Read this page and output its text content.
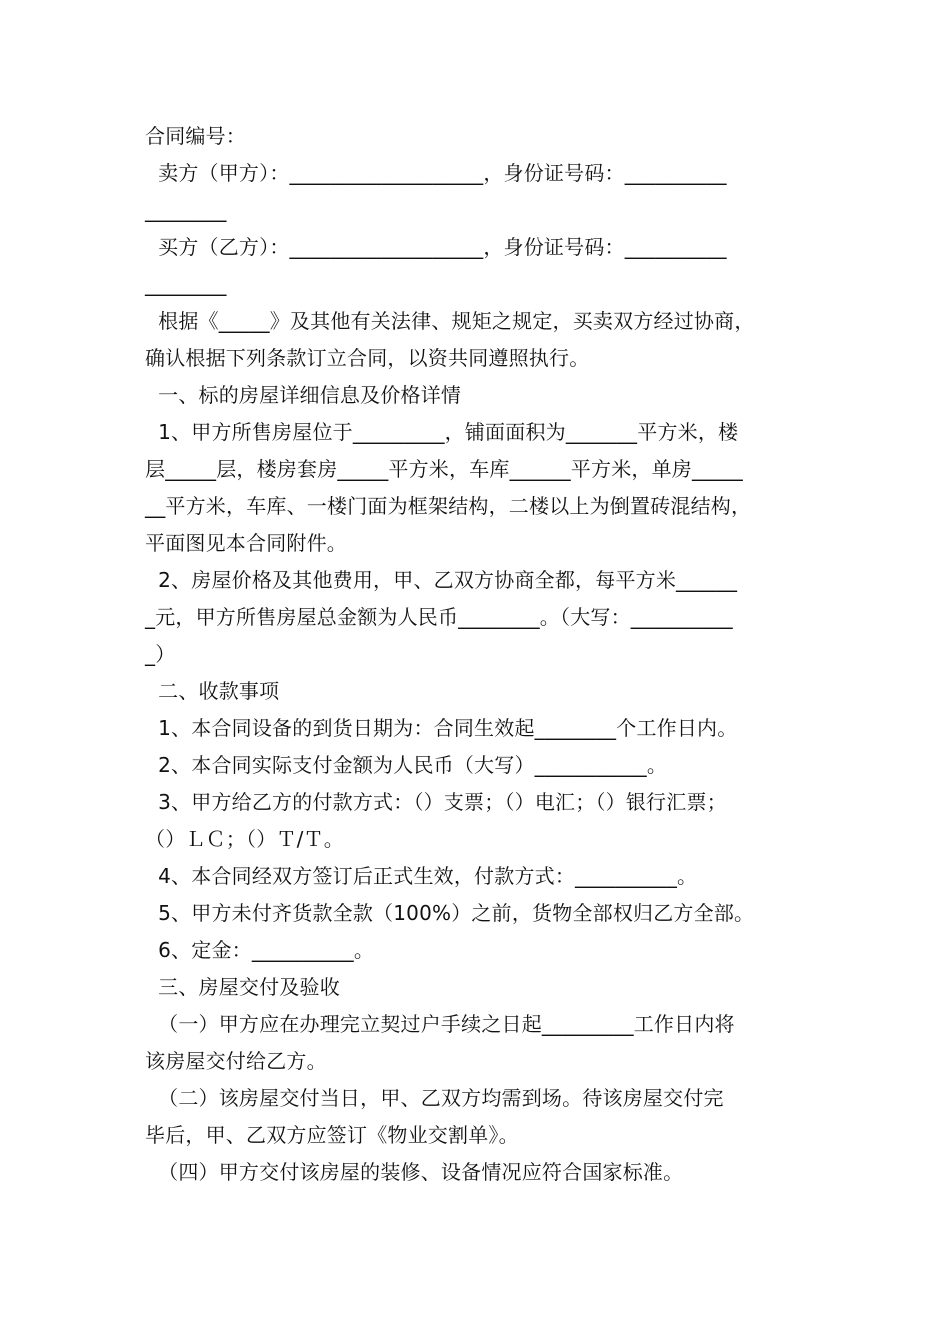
合同编号：
卖方（甲方）：___________________，身份证号码：__________
________
买方（乙方）：___________________，身份证号码：__________
________
根据《_____》及其他有关法律、规矩之规定，买卖双方经过协商，
确认根据下列条款订立合同，以资共同遵照执行。
一、标的房屋详细信息及价格详情
1、甲方所售房屋位于_________，铺面面积为_______平方米，楼
层_____层，楼房套房_____平方米，车库______平方米，单房_____
__平方米，车库、一楼门面为框架结构，二楼以上为倒置砖混结构，
平面图见本合同附件。
2、房屋价格及其他费用，甲、乙双方协商全都，每平方米______
_元，甲方所售房屋总金额为人民币________。（大写：__________
_）
二、收款事项
1、本合同设备的到货日期为：合同生效起________个工作日内。
2、本合同实际支付金额为人民币（大写）___________。
3、甲方给乙方的付款方式：（）支票；（）电汇；（）银行汇票；
（）ＬＣ；（）Ｔ/Ｔ。
4、本合同经双方签订后正式生效，付款方式：__________。
5、甲方未付齐货款全款（100%）之前，货物全部权归乙方全部。
6、定金：__________。
三、房屋交付及验收
（一）甲方应在办理完立契过户手续之日起_________工作日内将
该房屋交付给乙方。
（二）该房屋交付当日，甲、乙双方均需到场。待该房屋交付完
毕后，甲、乙双方应签订《物业交割单》。
（四）甲方交付该房屋的装修、设备情况应符合国家标准。
